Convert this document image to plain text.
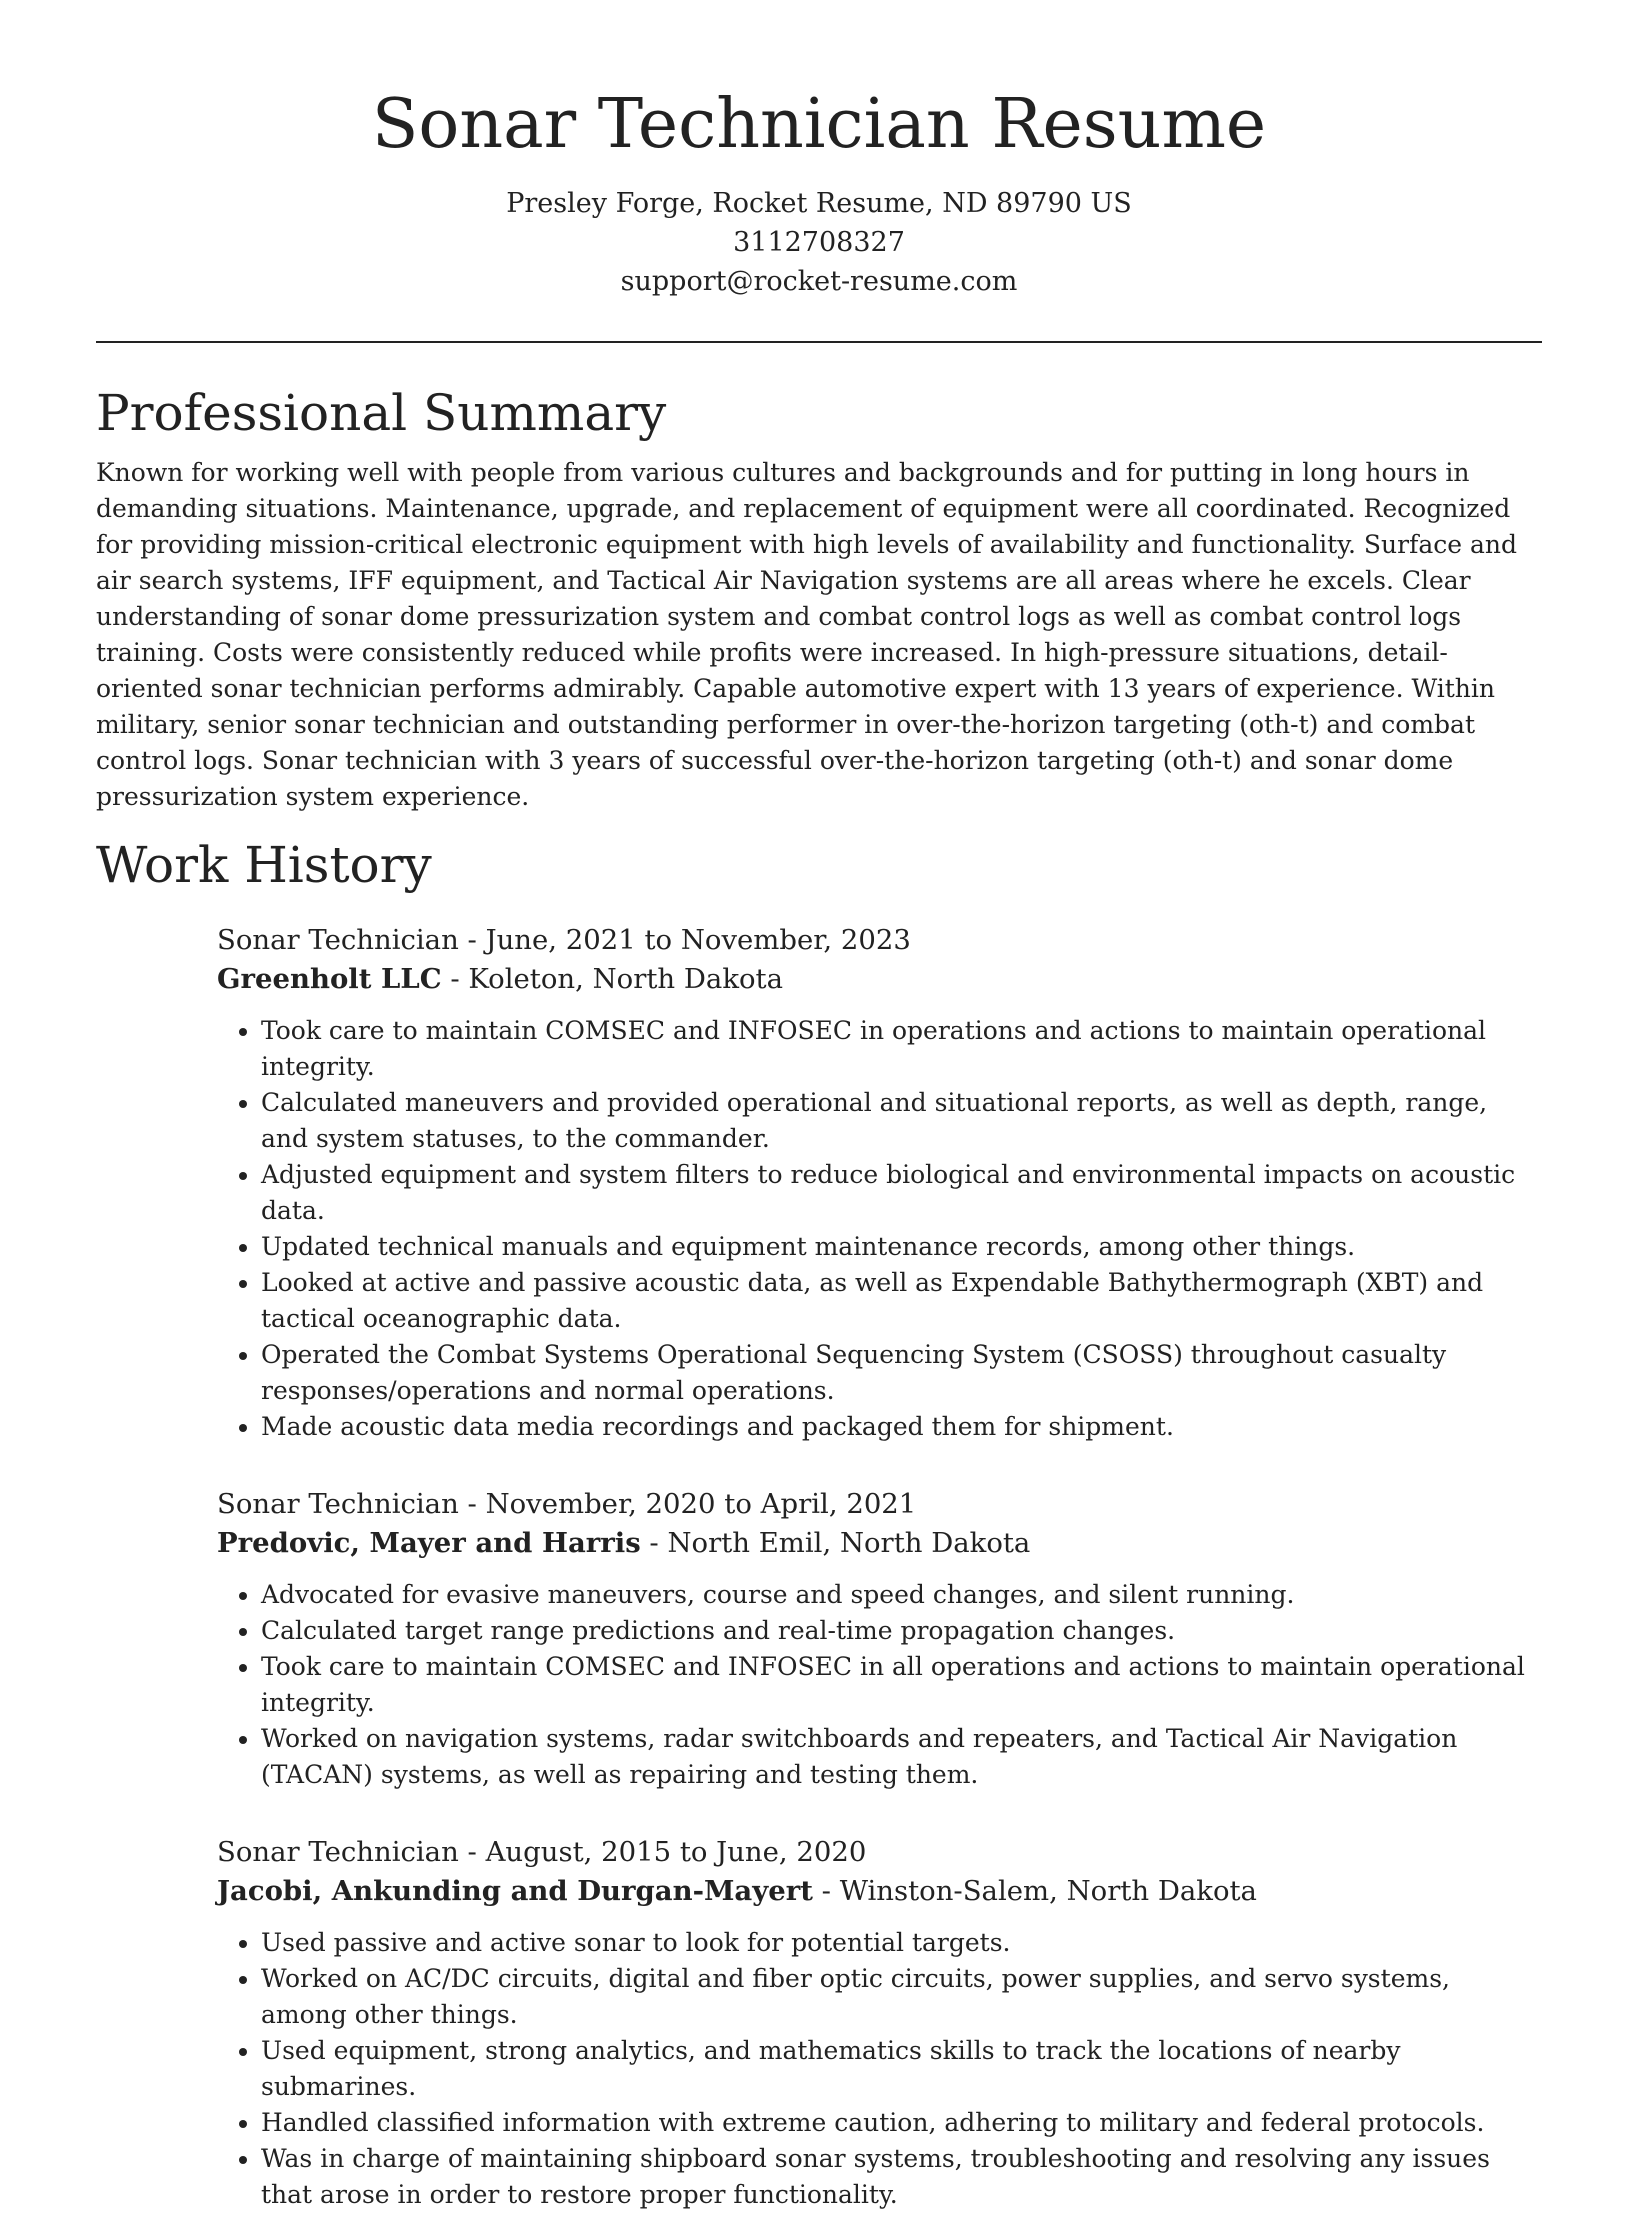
Sonar Technician Resume

Presley Forge, Rocket Resume, ND 89790 US

3112708327

support@rocket-resume.com

Professional Summary

Known for working well with people from various cultures and backgrounds and for putting in long hours in demanding situations. Maintenance, upgrade, and replacement of equipment were all coordinated. Recognized for providing mission-critical electronic equipment with high levels of availability and functionality. Surface and air search systems, IFF equipment, and Tactical Air Navigation systems are all areas where he excels. Clear understanding of sonar dome pressurization system and combat control logs as well as combat control logs training. Costs were consistently reduced while profits were increased. In high-pressure situations, detail-oriented sonar technician performs admirably. Capable automotive expert with 13 years of experience. Within military, senior sonar technician and outstanding performer in over-the-horizon targeting (oth-t) and combat control logs. Sonar technician with 3 years of successful over-the-horizon targeting (oth-t) and sonar dome pressurization system experience.

Work History

Sonar Technician - June, 2021 to November, 2023

Greenholt LLC - Koleton, North Dakota

• Took care to maintain COMSEC and INFOSEC in operations and actions to maintain operational integrity.
• Calculated maneuvers and provided operational and situational reports, as well as depth, range, and system statuses, to the commander.
• Adjusted equipment and system filters to reduce biological and environmental impacts on acoustic data.
• Updated technical manuals and equipment maintenance records, among other things.
• Looked at active and passive acoustic data, as well as Expendable Bathythermograph (XBT) and tactical oceanographic data.
• Operated the Combat Systems Operational Sequencing System (CSOSS) throughout casualty responses/operations and normal operations.
• Made acoustic data media recordings and packaged them for shipment.

Sonar Technician - November, 2020 to April, 2021

Predovic, Mayer and Harris - North Emil, North Dakota

• Advocated for evasive maneuvers, course and speed changes, and silent running.
• Calculated target range predictions and real-time propagation changes.
• Took care to maintain COMSEC and INFOSEC in all operations and actions to maintain operational integrity.
• Worked on navigation systems, radar switchboards and repeaters, and Tactical Air Navigation (TACAN) systems, as well as repairing and testing them.

Sonar Technician - August, 2015 to June, 2020

Jacobi, Ankunding and Durgan-Mayert - Winston-Salem, North Dakota

• Used passive and active sonar to look for potential targets.
• Worked on AC/DC circuits, digital and fiber optic circuits, power supplies, and servo systems, among other things.
• Used equipment, strong analytics, and mathematics skills to track the locations of nearby submarines.
• Handled classified information with extreme caution, adhering to military and federal protocols.
• Was in charge of maintaining shipboard sonar systems, troubleshooting and resolving any issues that arose in order to restore proper functionality.
